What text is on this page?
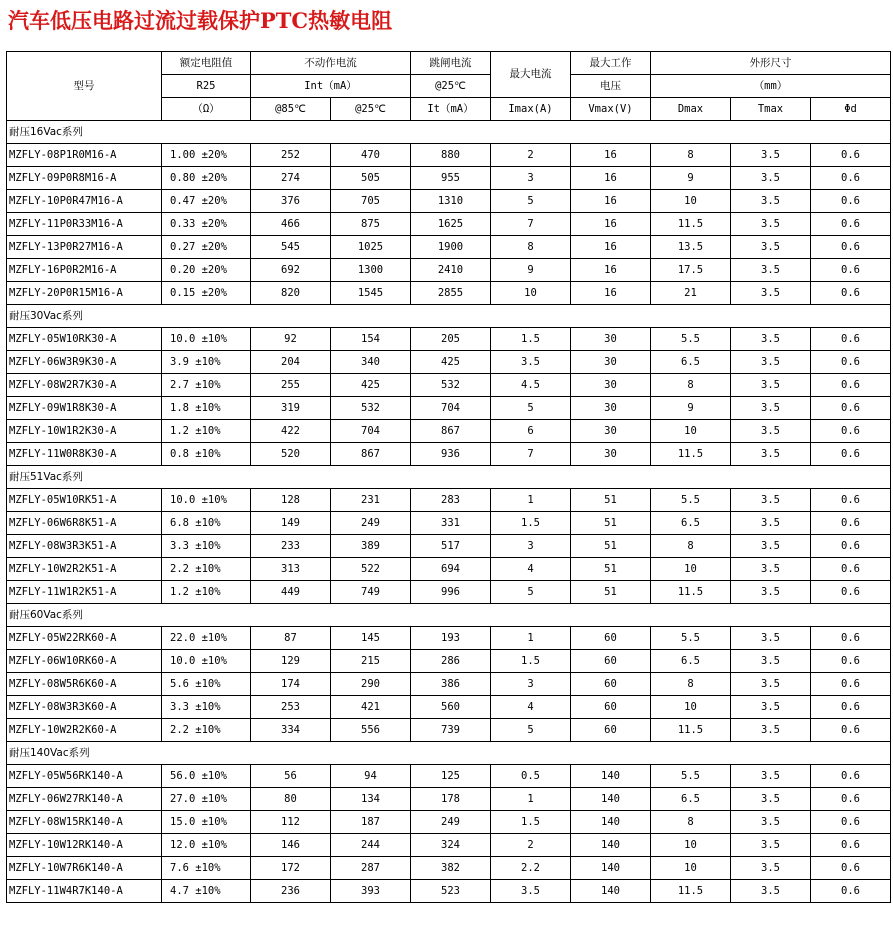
汽车低压电路过流过载保护PTC热敏电阻
型号	额定电阻值	不动作电流		跳闸电流	最大电流	最大工作	外形尺寸		
	R25	Int（mA）		@25℃		电压	（mm）		
	（Ω）	@85℃	@25℃	It（mA）	Imax(A)	Vmax(V)	Dmax	Tmax	Φd
耐压16Vac系列									
MZFLY-08P1R0M16-A	1.00 ±20%	252	470	880	2	16	8	3.5	0.6
MZFLY-09P0R8M16-A	0.80 ±20%	274	505	955	3	16	9	3.5	0.6
MZFLY-10P0R47M16-A	0.47 ±20%	376	705	1310	5	16	10	3.5	0.6
MZFLY-11P0R33M16-A	0.33 ±20%	466	875	1625	7	16	11.5	3.5	0.6
MZFLY-13P0R27M16-A	0.27 ±20%	545	1025	1900	8	16	13.5	3.5	0.6
MZFLY-16P0R2M16-A	0.20 ±20%	692	1300	2410	9	16	17.5	3.5	0.6
MZFLY-20P0R15M16-A	0.15 ±20%	820	1545	2855	10	16	21	3.5	0.6
耐压30Vac系列									
MZFLY-05W10RK30-A	10.0 ±10%	92	154	205	1.5	30	5.5	3.5	0.6
MZFLY-06W3R9K30-A	3.9 ±10%	204	340	425	3.5	30	6.5	3.5	0.6
MZFLY-08W2R7K30-A	2.7 ±10%	255	425	532	4.5	30	8	3.5	0.6
MZFLY-09W1R8K30-A	1.8 ±10%	319	532	704	5	30	9	3.5	0.6
MZFLY-10W1R2K30-A	1.2 ±10%	422	704	867	6	30	10	3.5	0.6
MZFLY-11W0R8K30-A	0.8 ±10%	520	867	936	7	30	11.5	3.5	0.6
耐压51Vac系列									
MZFLY-05W10RK51-A	10.0 ±10%	128	231	283	1	51	5.5	3.5	0.6
MZFLY-06W6R8K51-A	6.8 ±10%	149	249	331	1.5	51	6.5	3.5	0.6
MZFLY-08W3R3K51-A	3.3 ±10%	233	389	517	3	51	8	3.5	0.6
MZFLY-10W2R2K51-A	2.2 ±10%	313	522	694	4	51	10	3.5	0.6
MZFLY-11W1R2K51-A	1.2 ±10%	449	749	996	5	51	11.5	3.5	0.6
耐压60Vac系列									
MZFLY-05W22RK60-A	22.0 ±10%	87	145	193	1	60	5.5	3.5	0.6
MZFLY-06W10RK60-A	10.0 ±10%	129	215	286	1.5	60	6.5	3.5	0.6
MZFLY-08W5R6K60-A	5.6 ±10%	174	290	386	3	60	8	3.5	0.6
MZFLY-08W3R3K60-A	3.3 ±10%	253	421	560	4	60	10	3.5	0.6
MZFLY-10W2R2K60-A	2.2 ±10%	334	556	739	5	60	11.5	3.5	0.6
耐压140Vac系列									
MZFLY-05W56RK140-A	56.0 ±10%	56	94	125	0.5	140	5.5	3.5	0.6
MZFLY-06W27RK140-A	27.0 ±10%	80	134	178	1	140	6.5	3.5	0.6
MZFLY-08W15RK140-A	15.0 ±10%	112	187	249	1.5	140	8	3.5	0.6
MZFLY-10W12RK140-A	12.0 ±10%	146	244	324	2	140	10	3.5	0.6
MZFLY-10W7R6K140-A	7.6 ±10%	172	287	382	2.2	140	10	3.5	0.6
MZFLY-11W4R7K140-A	4.7 ±10%	236	393	523	3.5	140	11.5	3.5	0.6
